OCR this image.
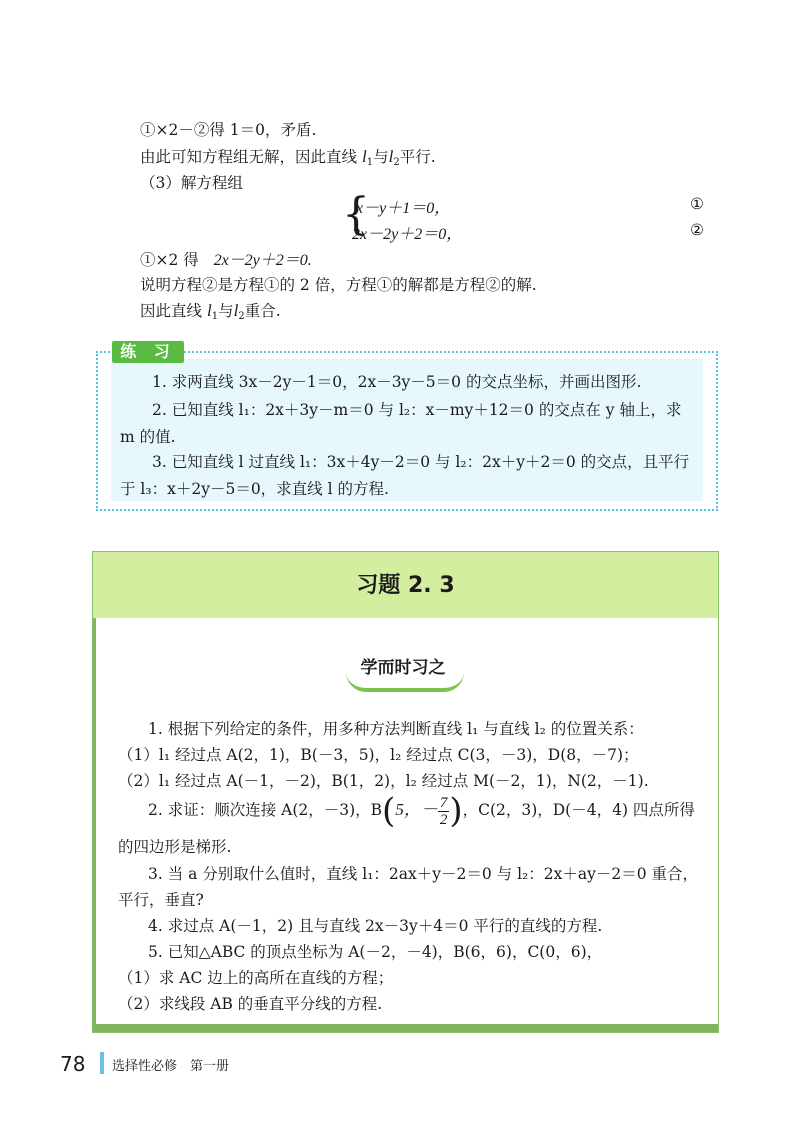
①×2－②得 1＝0，矛盾.
由此可知方程组无解，因此直线 $l_1$与$l_2$平行.
（3）解方程组
{
x－y＋1＝0，	①
2x－2y＋2＝0，	②
①×2 得 2x－2y＋2＝0.
说明方程②是方程①的 2 倍，方程①的解都是方程②的解.
因此直线 $l_1$与$l_2$重合.
练 习
1. 求两直线 3x－2y－1＝0，2x－3y－5＝0 的交点坐标，并画出图形.
2. 已知直线 l₁：2x＋3y－m＝0 与 l₂：x－my＋12＝0 的交点在 y 轴上，求
m 的值.
3. 已知直线 l 过直线 l₁：3x＋4y－2＝0 与 l₂：2x＋y＋2＝0 的交点，且平行
于 l₃：x＋2y－5＝0，求直线 l 的方程.
习题 2. 3
学而时习之
1. 根据下列给定的条件，用多种方法判断直线 l₁ 与直线 l₂ 的位置关系：
（1）l₁ 经过点 A(2，1)，B(－3，5)，l₂ 经过点 C(3，－3)，D(8，－7)；
（2）l₁ 经过点 A(－1，－2)，B(1，2)，l₂ 经过点 M(－2，1)，N(2，－1).
2. 求证：顺次连接 A(2，－3)，B(5，－ $\frac{7}{2}$ )，C(2，3)，D(－4，4) 四点所得
的四边形是梯形.
3. 当 a 分别取什么值时，直线 l₁：2ax＋y－2＝0 与 l₂：2x＋ay－2＝0 重合，
平行，垂直?
4. 求过点 A(－1，2) 且与直线 2x－3y＋4＝0 平行的直线的方程.
5. 已知△ABC 的顶点坐标为 A(－2，－4)，B(6，6)，C(0，6)，
（1）求 AC 边上的高所在直线的方程；
（2）求线段 AB 的垂直平分线的方程.
78 选择性必修　第一册
